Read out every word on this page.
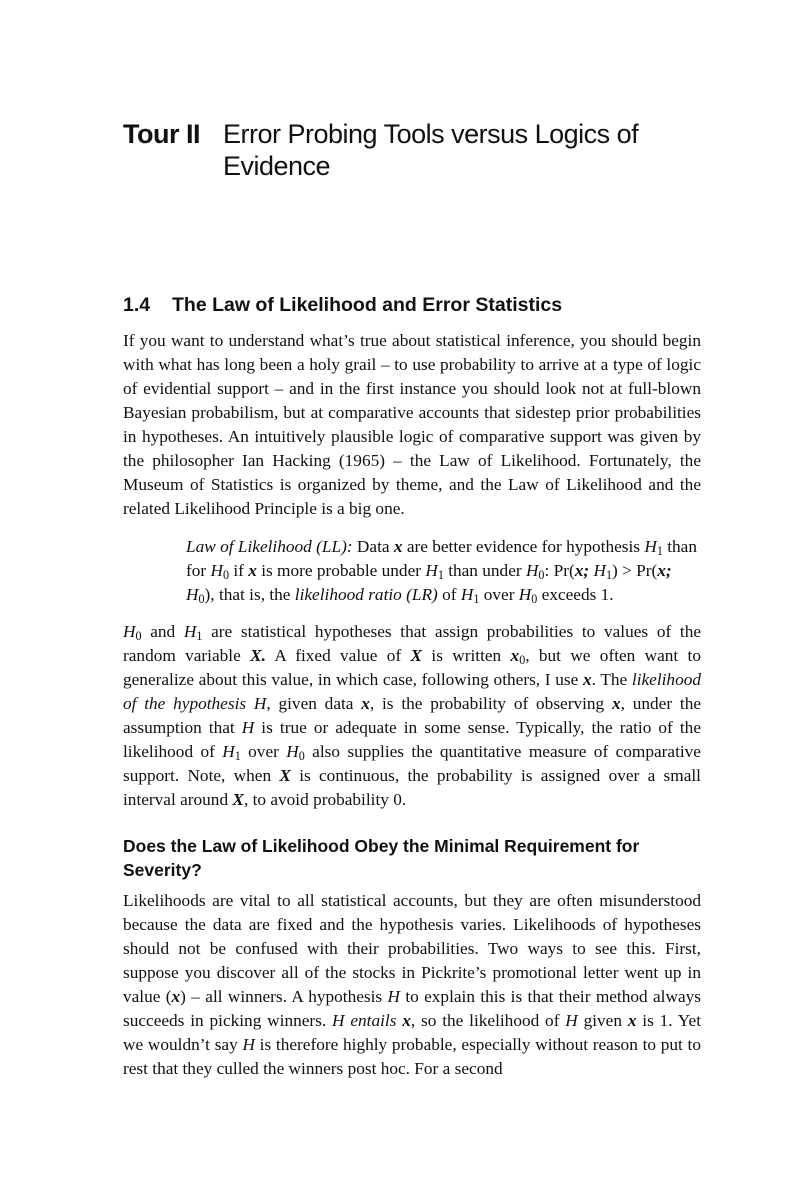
Tour II Error Probing Tools versus Logics of Evidence
1.4 The Law of Likelihood and Error Statistics

If you want to understand what’s true about statistical inference, you should begin with what has long been a holy grail – to use probability to arrive at a type of logic of evidential support – and in the first instance you should look not at full-blown Bayesian probabilism, but at comparative accounts that sidestep prior probabilities in hypotheses. An intuitively plausible logic of comparative support was given by the philosopher Ian Hacking (1965) – the Law of Likelihood. Fortunately, the Museum of Statistics is organized by theme, and the Law of Likelihood and the related Likelihood Principle is a big one.

Law of Likelihood (LL): Data x are better evidence for hypothesis $H_1$ than for $H_0$ if x is more probable under $H_1$ than under $H_0$: Pr(x; $H_1) > Pr(x$; $H_0$), that is, the likelihood ratio (LR) of $H_1$ over $H_0$ exceeds 1.

$H_0$ and $H_1$ are statistical hypotheses that assign probabilities to values of the random variable X. A fixed value of X is written $x_0$, but we often want to generalize about this value, in which case, following others, I use x. The likelihood of the hypothesis H, given data x, is the probability of observing x, under the assumption that H is true or adequate in some sense. Typically, the ratio of the likelihood of $H_1$ over $H_0$ also supplies the quantitative measure of comparative support. Note, when X is continuous, the probability is assigned over a small interval around X, to avoid probability 0.

Does the Law of Likelihood Obey the Minimal Requirement for Severity?

Likelihoods are vital to all statistical accounts, but they are often misunderstood because the data are fixed and the hypothesis varies. Likelihoods of hypotheses should not be confused with their probabilities. Two ways to see this. First, suppose you discover all of the stocks in Pickrite’s promotional letter went up in value (x) – all winners. A hypothesis H to explain this is that their method always succeeds in picking winners. H entails x, so the likelihood of H given x is 1. Yet we wouldn’t say H is therefore highly probable, especially without reason to put to rest that they culled the winners post hoc. For a second
